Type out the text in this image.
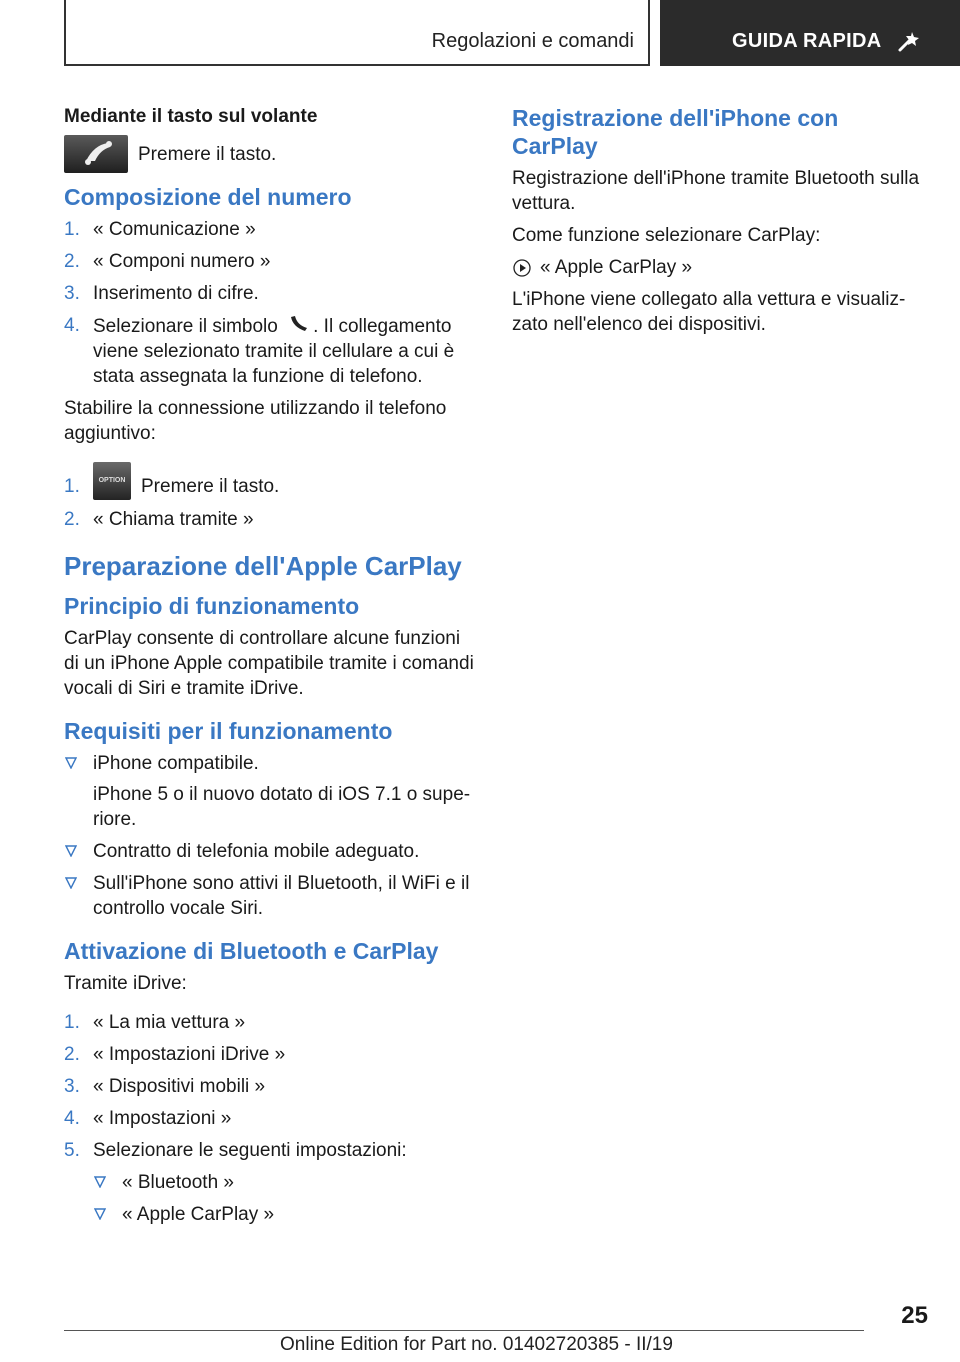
Regolazioni e comandi	GUIDA RAPIDA
Mediante il tasto sul volante
Premere il tasto.
Composizione del numero
1. « Comunicazione »
2. « Componi numero »
3. Inserimento di cifre.
4. Selezionare il simbolo . Il collegamento viene selezionato tramite il cellulare a cui è stata assegnata la funzione di telefono.
Stabilire la connessione utilizzando il telefono aggiuntivo:
1.	OPTION Premere il tasto.
2. « Chiama tramite »
Preparazione dell'Apple CarPlay
Principio di funzionamento
CarPlay consente di controllare alcune funzioni di un iPhone Apple compatibile tramite i comandi vocali di Siri e tramite iDrive.
Requisiti per il funzionamento
iPhone compatibile.
iPhone 5 o il nuovo dotato di iOS 7.1 o superiore.
Contratto di telefonia mobile adeguato.
Sull'iPhone sono attivi il Bluetooth, il WiFi e il controllo vocale Siri.
Attivazione di Bluetooth e CarPlay
Tramite iDrive:
1. « La mia vettura »
2. « Impostazioni iDrive »
3. « Dispositivi mobili »
4. « Impostazioni »
5. Selezionare le seguenti impostazioni:
« Bluetooth »
« Apple CarPlay »
Registrazione dell'iPhone con CarPlay
Registrazione dell'iPhone tramite Bluetooth sulla vettura.
Come funzione selezionare CarPlay:
« Apple CarPlay »
L'iPhone viene collegato alla vettura e visualizzato nell'elenco dei dispositivi.
25
Online Edition for Part no. 01402720385 - II/19
